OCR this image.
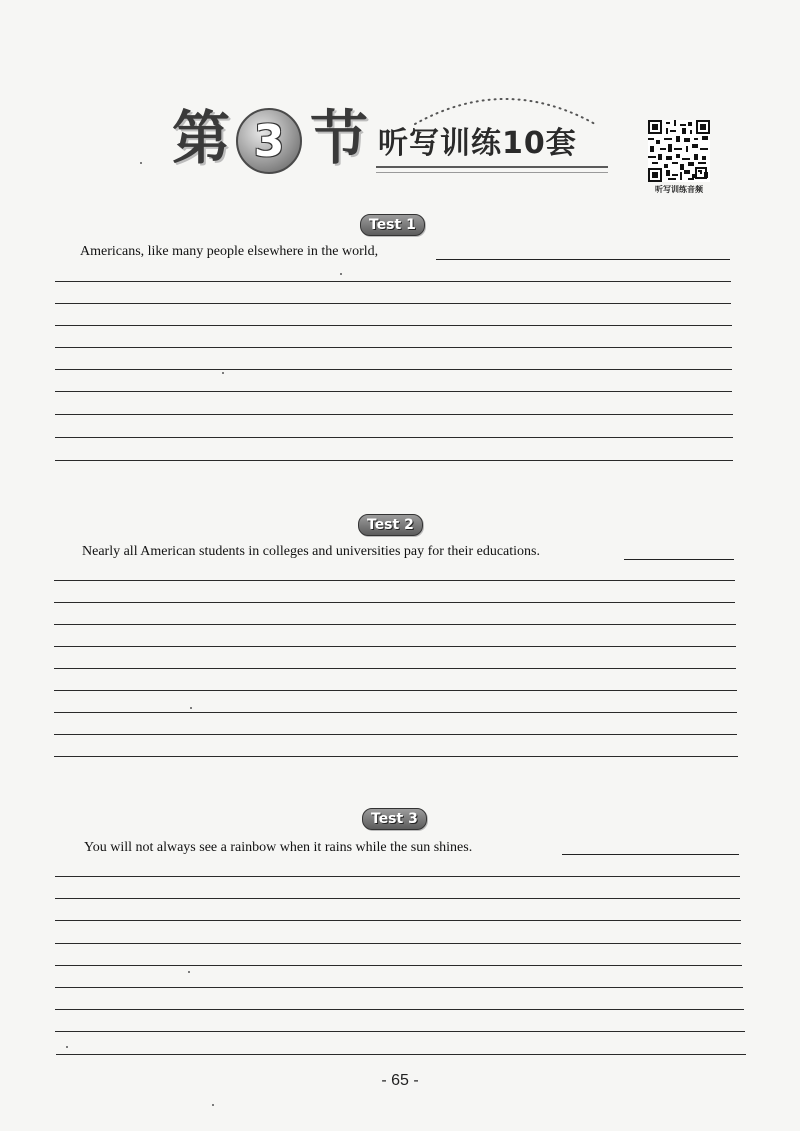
第 3 节 听写训练10套
听写训练音频
Test 1
Americans, like many people elsewhere in the world,
Test 2
Nearly all American students in colleges and universities pay for their educations.
Test 3
You will not always see a rainbow when it rains while the sun shines.
- 65 -
